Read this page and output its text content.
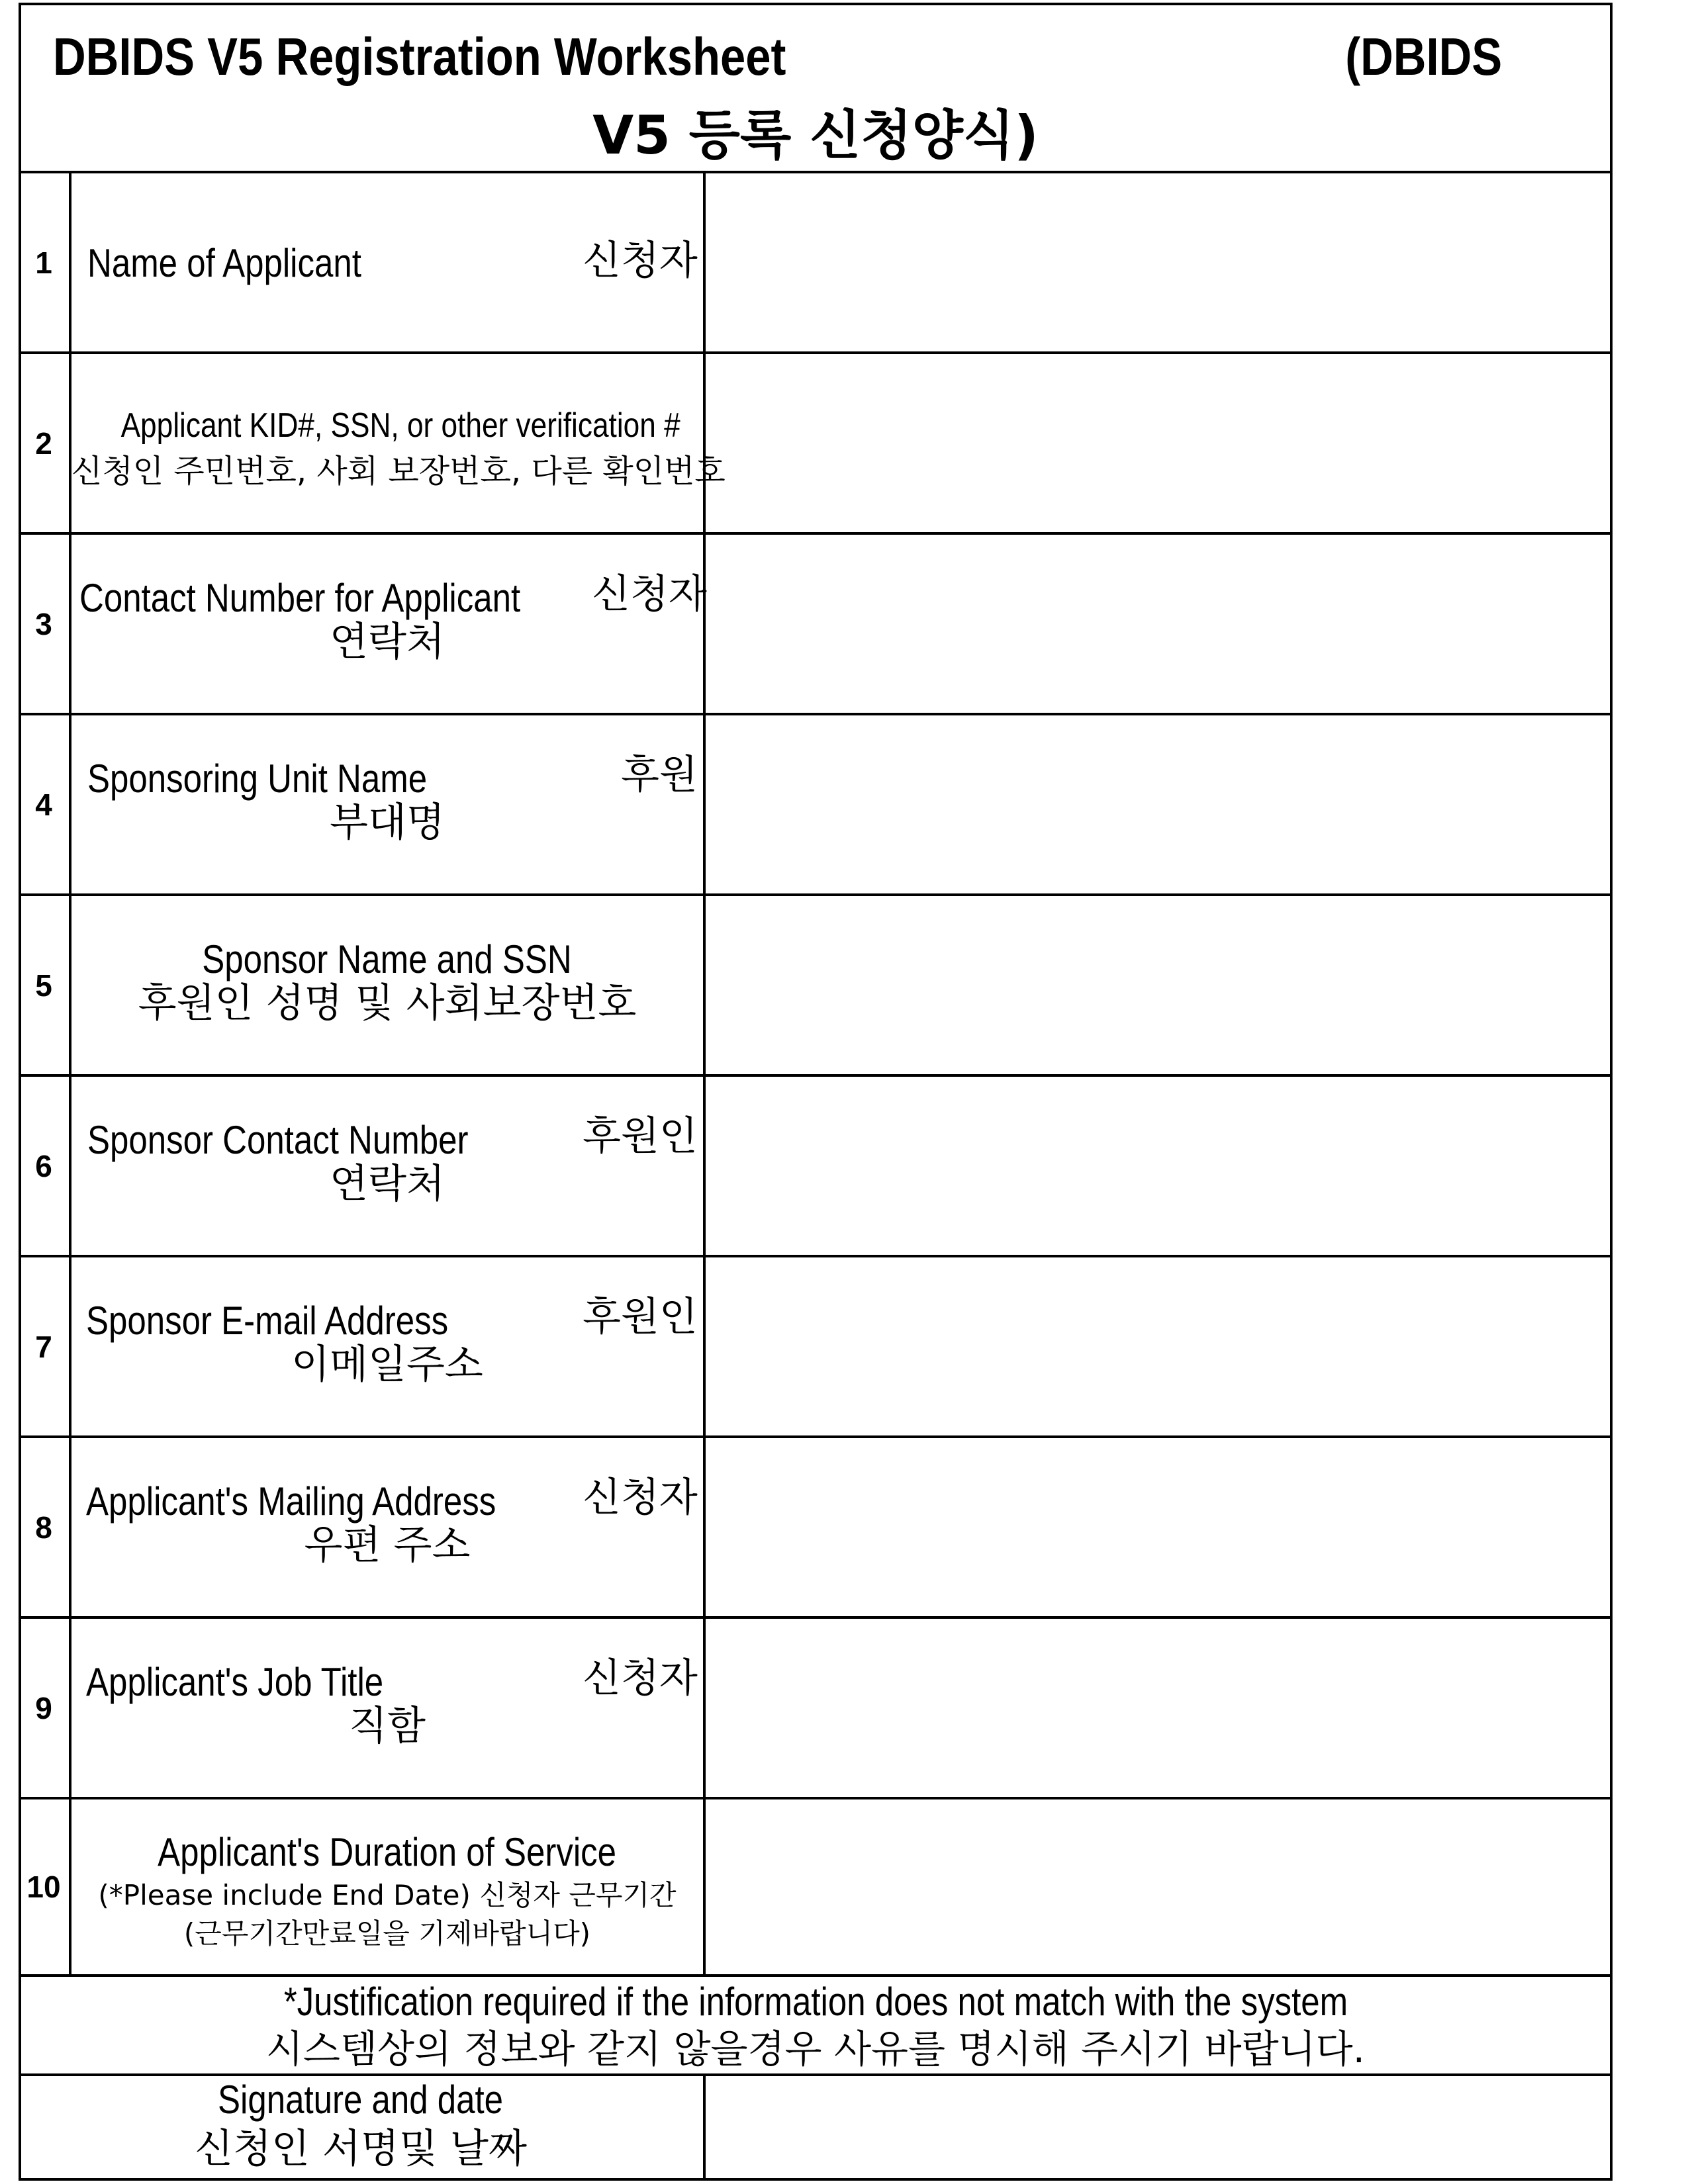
DBIDS V5 Registration Worksheet	(DBIDS
V5 등록 신청양식)
1 Name of Applicant	신청자
2	Applicant KID#, SSN, or other verification #
신청인 주민번호, 사회 보장번호, 다른 확인번호
3
Contact Number for Applicant	신청자
연락처
4
Sponsoring Unit Name	후원
부대명
5
Sponsor Name and SSN
후원인 성명 및 사회보장번호
6
Sponsor Contact Number	후원인
연락처
7
Sponsor E-mail Address	후원인
이메일주소
8
Applicant's Mailing Address	신청자
우편 주소
9
Applicant's Job Title	신청자
직함
10
Applicant's Duration of Service
(*Please include End Date) 신청자 근무기간
(근무기간만료일을 기제바랍니다)
*Justification required if the information does not match with the system
시스템상의 정보와 같지 않을경우 사유를 명시해 주시기 바랍니다.
Signature and date
신청인 서명및 날짜
